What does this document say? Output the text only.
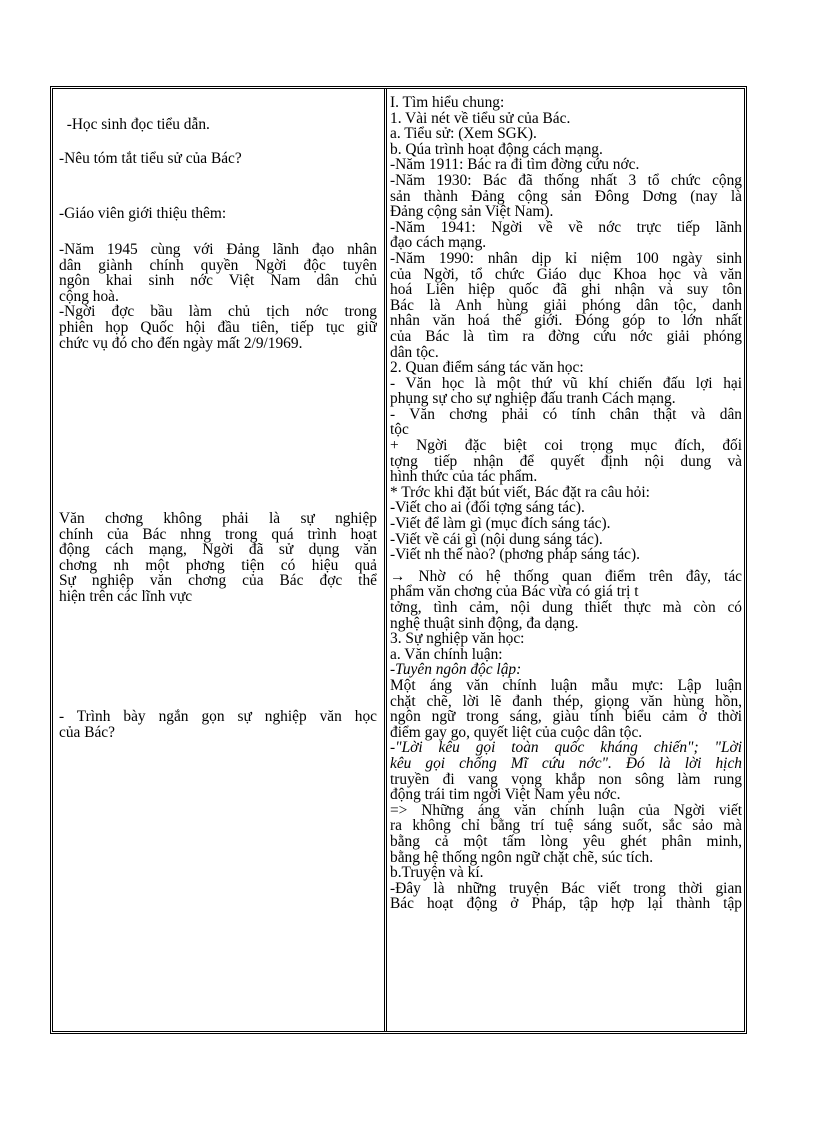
-Học sinh đọc tiểu dẫn.
-Nêu tóm tắt tiểu sử của Bác?
-Giáo viên giới thiệu thêm:
-Năm 1945 cùng với Đảng lãnh đạo nhân
dân giành chính quyền Ngời độc tuyên
ngôn khai sinh nớc Việt Nam dân chủ
cộng hoà.
-Ngời đợc bầu làm chủ tịch nớc trong
phiên họp Quốc hội đầu tiên, tiếp tục giữ
chức vụ đó cho đến ngày mất 2/9/1969.
Văn chơng không phải là sự nghiệp
chính của Bác nhng trong quá trình hoạt
động cách mạng, Ngời đã sử dụng văn
chơng nh một phơng tiện có hiệu quả
Sự nghiệp văn chơng của Bác đợc thể
hiện trên các lĩnh vực
- Trình bày ngắn gọn sự nghiệp văn học
của Bác?
I. Tìm hiểu chung:
1. Vài nét về tiểu sử của Bác.
a. Tiểu sử: (Xem SGK).
b. Qúa trình hoạt động cách mạng.
-Năm 1911: Bác ra đi tìm đờng cứu nớc.
-Năm 1930: Bác đã thống nhất 3 tổ chức cộng
sản thành Đảng cộng sản Đông Dơng (nay là
Đảng cộng sản Việt Nam).
-Năm 1941: Ngời về về nớc trực tiếp lãnh
đạo cách mạng.
-Năm 1990: nhân dịp kỉ niệm 100 ngày sinh
của Ngời, tổ chức Giáo dục Khoa học và văn
hoá Liên hiệp quốc đã ghi nhận và suy tôn
Bác là Anh hùng giải phóng dân tộc, danh
nhân văn hoá thế giới. Đóng góp to lớn nhất
của Bác là tìm ra đờng cứu nớc giải phóng
dân tộc.
2. Quan điểm sáng tác văn học:
- Văn học là một thứ vũ khí chiến đấu lợi hại
phụng sự cho sự nghiệp đấu tranh Cách mạng.
- Văn chơng phải có tính chân thật và dân
tộc
+ Ngời đặc biệt coi trọng mục đích, đối
tợng tiếp nhận để quyết định nội dung và
hình thức của tác phẩm.
* Trớc khi đặt bút viết, Bác đặt ra câu hỏi:
-Viết cho ai (đối tợng sáng tác).
-Viết để làm gì (mục đích sáng tác).
-Viết về cái gì (nội dung sáng tác).
-Viết nh thế nào? (phơng pháp sáng tác).
→ Nhờ có hệ thống quan điểm trên đây, tác
phẩm văn chơng của Bác vừa có giá trị t
tởng, tình cảm, nội dung thiết thực mà còn có
nghệ thuật sinh động, đa dạng.
3. Sự nghiệp văn học:
a. Văn chính luận:
-Tuyên ngôn độc lập:
Một áng văn chính luận mẫu mực: Lập luận
chặt chẽ, lời lẽ đanh thép, giọng văn hùng hồn,
ngôn ngữ trong sáng, giàu tính biểu cảm ở thời
điểm gay go, quyết liệt của cuộc dân tộc.
-"Lời kêu gọi toàn quốc kháng chiến"; "Lời
kêu gọi chống Mĩ cứu nớc". Đó là lời hịch
truyền đi vang vọng khắp non sông làm rung
động trái tim ngời Việt Nam yêu nớc.
=> Những áng văn chính luận của Ngời viết
ra không chỉ bằng trí tuệ sáng suốt, sắc sảo mà
bằng cả một tấm lòng yêu ghét phân minh,
bằng hệ thống ngôn ngữ chặt chẽ, súc tích.
b.Truyện và kí.
-Đây là những truyện Bác viết trong thời gian
Bác hoạt động ở Pháp, tập hợp lại thành tập
